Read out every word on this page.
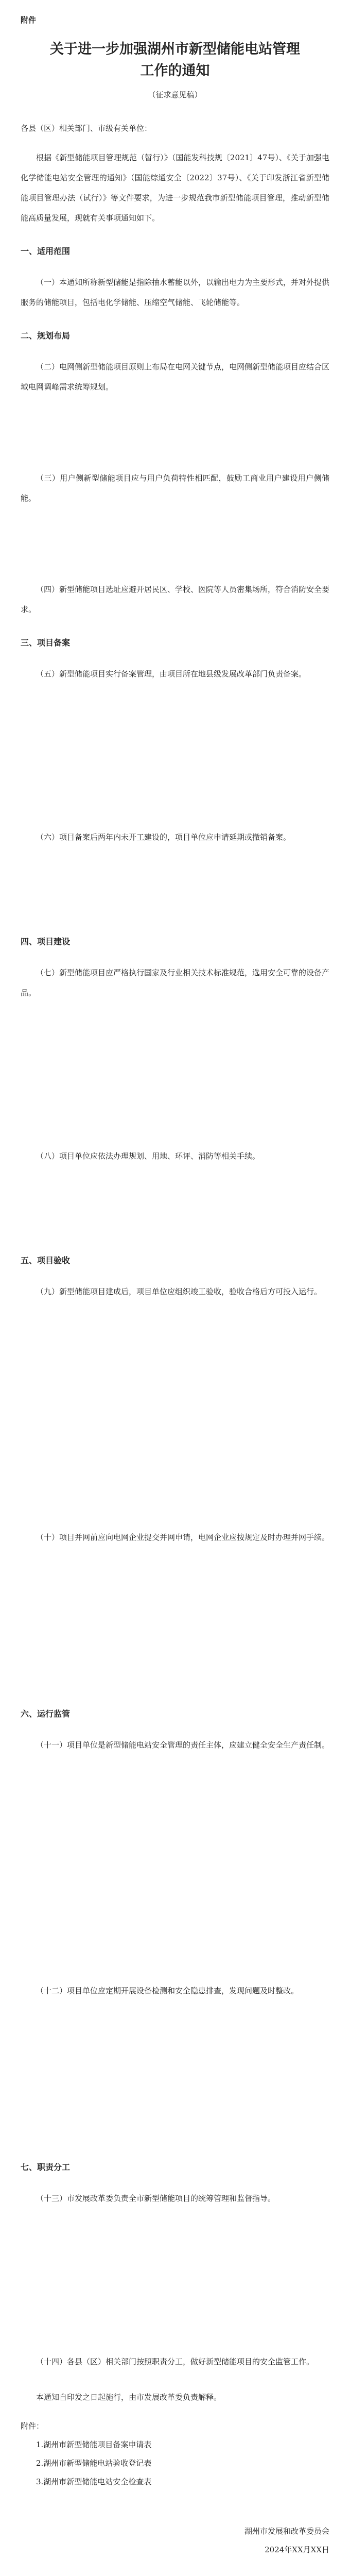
附件
关于进一步加强湖州市新型储能电站管理
工作的通知
（征求意见稿）

各县（区）相关部门、市级有关单位：

根据《新型储能项目管理规范（暂行）》（国能发科技规〔2021〕47号）、《关于加强电化学储能电站安全管理的通知》（国能综通安全〔2022〕37号）、《关于印发浙江省新型储能项目管理办法（试行）》等文件要求，为进一步规范我市新型储能项目管理，推动新型储能高质量发展，现就有关事项通知如下。

一、适用范围

（一）本通知所称新型储能是指除抽水蓄能以外，以输出电力为主要形式，并对外提供服务的储能项目，包括电化学储能、压缩空气储能、飞轮储能等。

二、规划布局

（二）电网侧新型储能项目原则上布局在电网关键节点，电网侧新型储能项目应结合区域电网调峰需求统筹规划。

（三）用户侧新型储能项目应与用户负荷特性相匹配，鼓励工商业用户建设用户侧储能。

（四）新型储能项目选址应避开居民区、学校、医院等人员密集场所，符合消防安全要求。

三、项目备案

（五）新型储能项目实行备案管理，由项目所在地县级发展改革部门负责备案。

（六）项目备案后两年内未开工建设的，项目单位应申请延期或撤销备案。

四、项目建设

（七）新型储能项目应严格执行国家及行业相关技术标准规范，选用安全可靠的设备产品。

（八）项目单位应依法办理规划、用地、环评、消防等相关手续。

五、项目验收

（九）新型储能项目建成后，项目单位应组织竣工验收，验收合格后方可投入运行。

（十）项目并网前应向电网企业提交并网申请，电网企业应按规定及时办理并网手续。

六、运行监管

（十一）项目单位是新型储能电站安全管理的责任主体，应建立健全安全生产责任制。

（十二）项目单位应定期开展设备检测和安全隐患排查，发现问题及时整改。

七、职责分工

（十三）市发展改革委负责全市新型储能项目的统筹管理和监督指导。

（十四）各县（区）相关部门按照职责分工，做好新型储能项目的安全监管工作。

本通知自印发之日起施行，由市发展改革委负责解释。

附件：
1.湖州市新型储能项目备案申请表
2.湖州市新型储能电站验收登记表
3.湖州市新型储能电站安全检查表
湖州市发展和改革委员会
2024年XX月XX日
